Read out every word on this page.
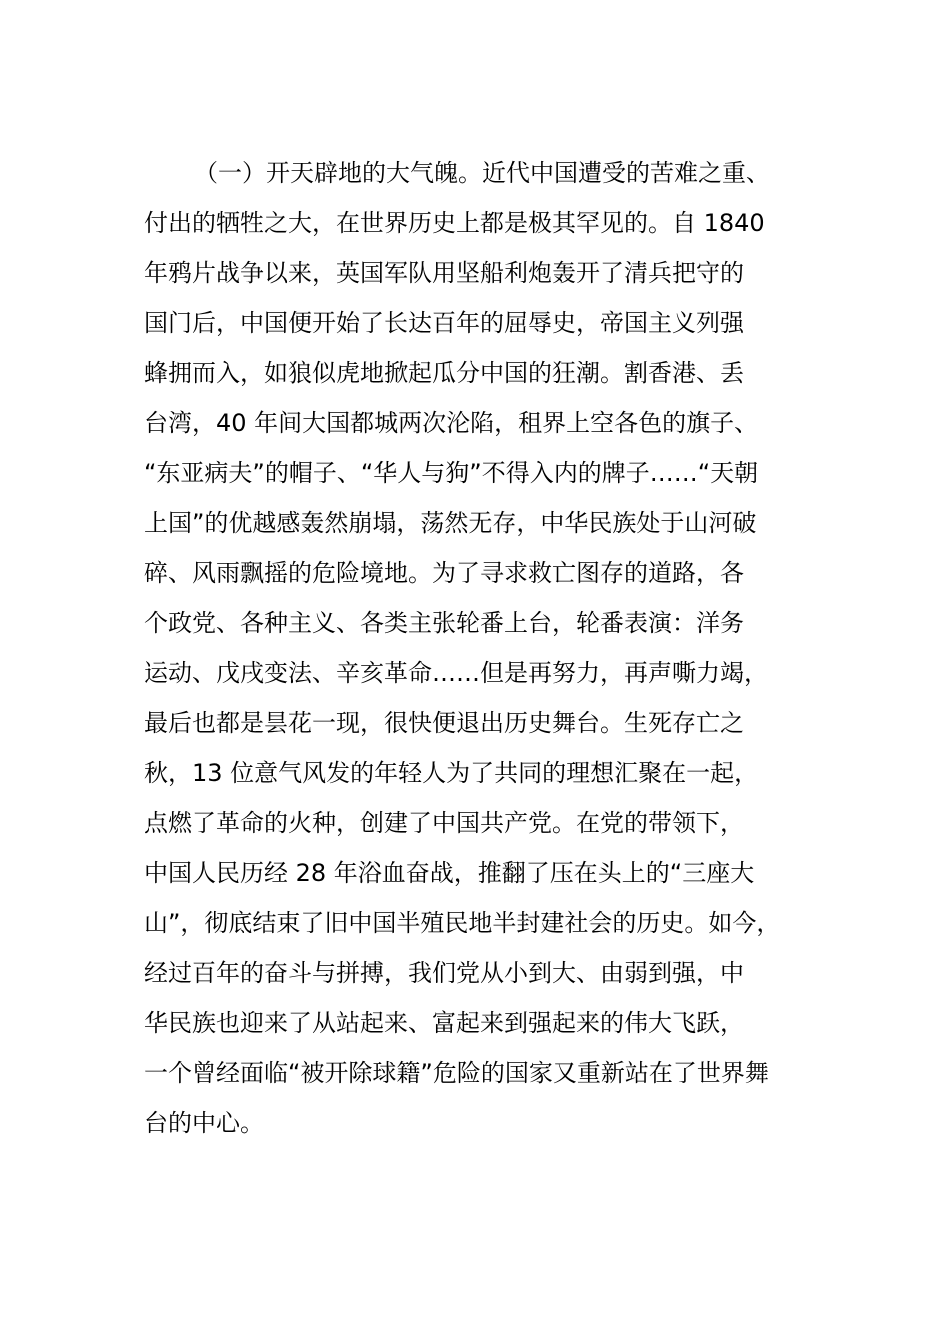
（一）开天辟地的大气魄。近代中国遭受的苦难之重、
付出的牺牲之大，在世界历史上都是极其罕见的。自 1840
年鸦片战争以来，英国军队用坚船利炮轰开了清兵把守的
国门后，中国便开始了长达百年的屈辱史，帝国主义列强
蜂拥而入，如狼似虎地掀起瓜分中国的狂潮。割香港、丢
台湾，40 年间大国都城两次沦陷，租界上空各色的旗子、
“东亚病夫”的帽子、“华人与狗”不得入内的牌子……“天朝
上国”的优越感轰然崩塌，荡然无存，中华民族处于山河破
碎、风雨飘摇的危险境地。为了寻求救亡图存的道路，各
个政党、各种主义、各类主张轮番上台，轮番表演：洋务
运动、戊戌变法、辛亥革命……但是再努力，再声嘶力竭，
最后也都是昙花一现，很快便退出历史舞台。生死存亡之
秋，13 位意气风发的年轻人为了共同的理想汇聚在一起，
点燃了革命的火种，创建了中国共产党。在党的带领下，
中国人民历经 28 年浴血奋战，推翻了压在头上的“三座大
山”，彻底结束了旧中国半殖民地半封建社会的历史。如今，
经过百年的奋斗与拼搏，我们党从小到大、由弱到强，中
华民族也迎来了从站起来、富起来到强起来的伟大飞跃，
一个曾经面临“被开除球籍”危险的国家又重新站在了世界舞
台的中心。
